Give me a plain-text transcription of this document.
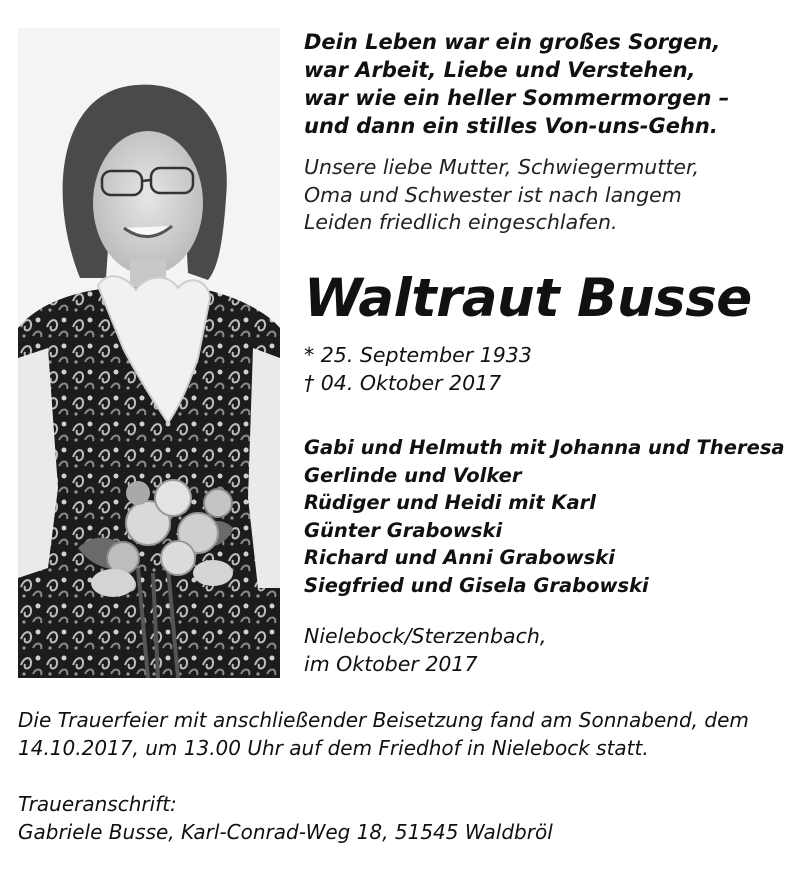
Dein Leben war ein großes Sorgen,
war Arbeit, Liebe und Verstehen,
war wie ein heller Sommermorgen –
und dann ein stilles Von-uns-Gehn.
Unsere liebe Mutter, Schwiegermutter,
Oma und Schwester ist nach langem
Leiden friedlich eingeschlafen.
Waltraut Busse
* 25. September 1933
† 04. Oktober 2017
Gabi und Helmuth mit Johanna und Theresa
Gerlinde und Volker
Rüdiger und Heidi mit Karl
Günter Grabowski
Richard und Anni Grabowski
Siegfried und Gisela Grabowski
Nielebock/Sterzenbach,
im Oktober 2017
Die Trauerfeier mit anschließender Beisetzung fand am Sonnabend, dem
14.10.2017, um 13.00 Uhr auf dem Friedhof in Nielebock statt.
Traueranschrift:
Gabriele Busse, Karl-Conrad-Weg 18, 51545 Waldbröl
